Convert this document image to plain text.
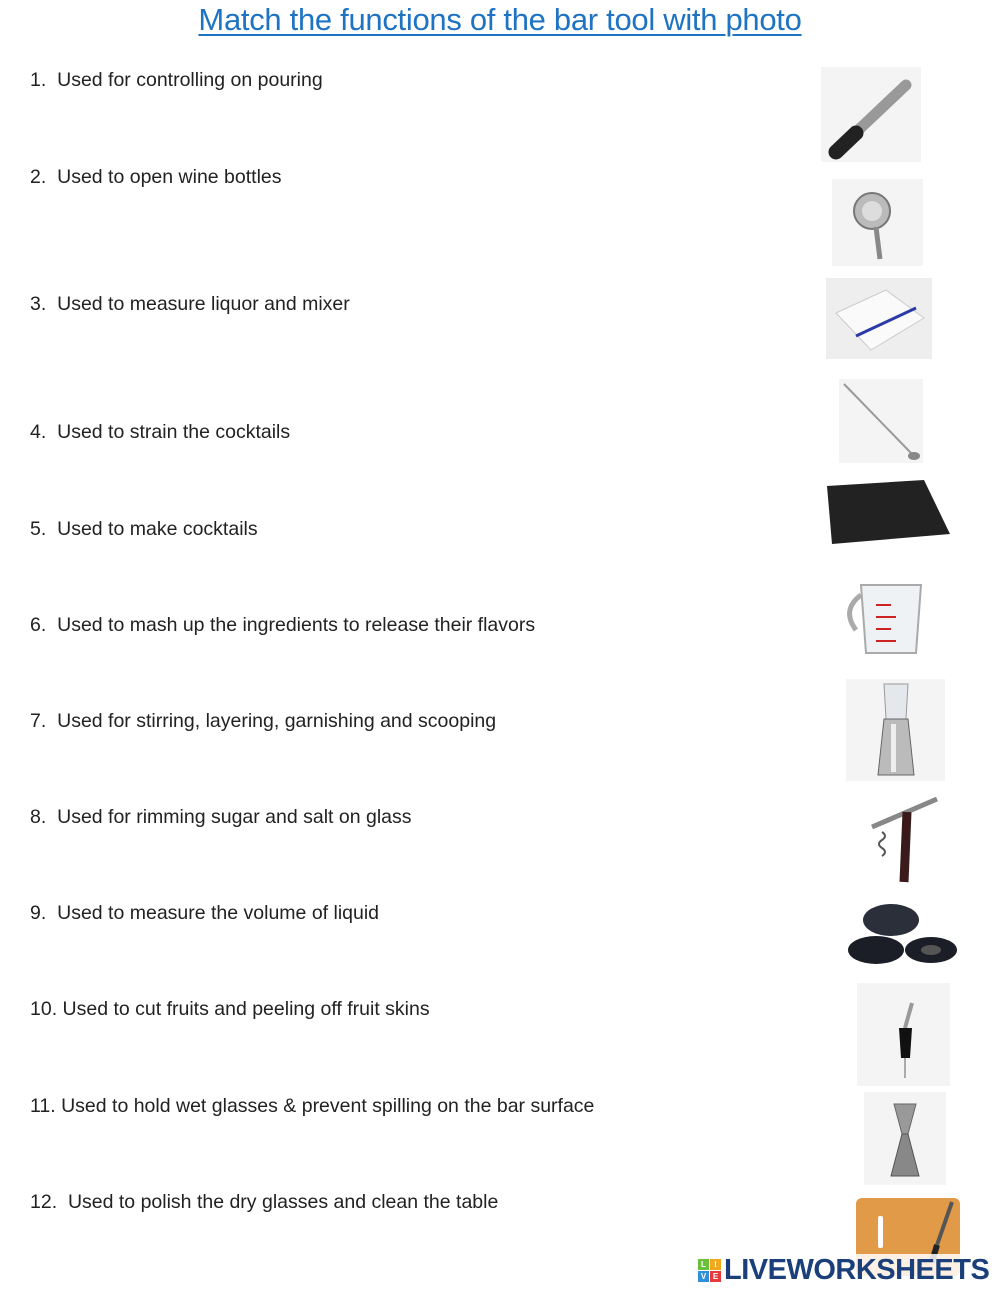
Match the functions of the bar tool with photo
1. Used for controlling on pouring
2. Used to open wine bottles
3. Used to measure liquor and mixer
4. Used to strain the cocktails
5. Used to make cocktails
6. Used to mash up the ingredients to release their flavors
7. Used for stirring, layering, garnishing and scooping
8. Used for rimming sugar and salt on glass
9. Used to measure the volume of liquid
10. Used to cut fruits and peeling off fruit skins
11. Used to hold wet glasses & prevent spilling on the bar surface
12. Used to polish the dry glasses and clean the table
L	I
V E LIVEWORKSHEETS
